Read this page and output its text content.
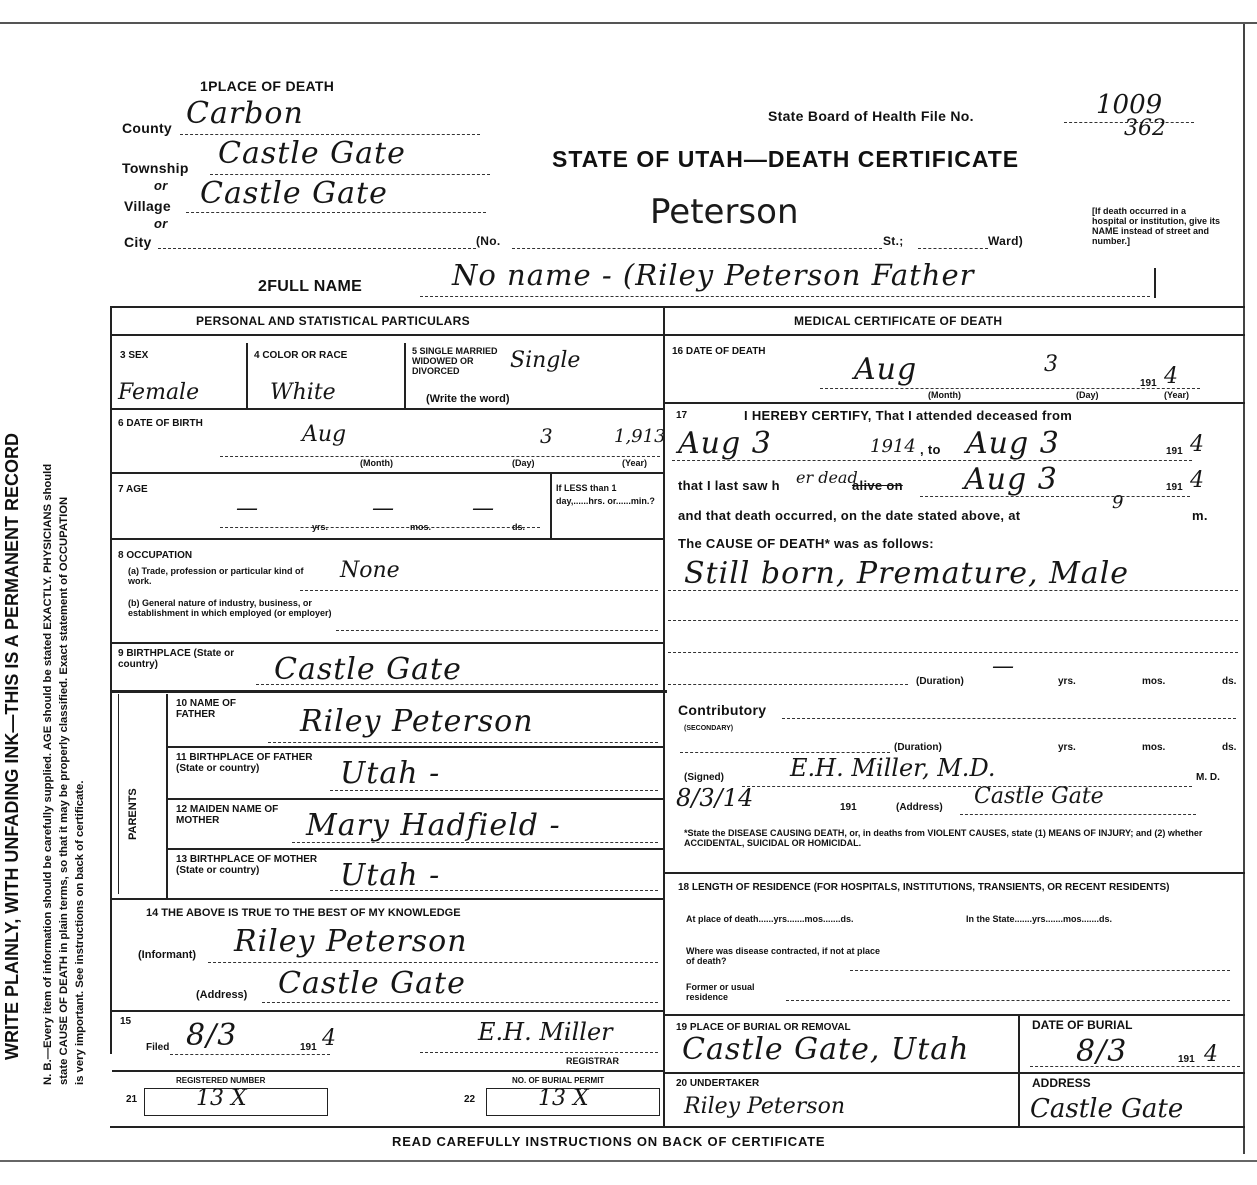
WRITE PLAINLY, WITH UNFADING INK—THIS IS A PERMANENT RECORD N. B.—Every item of information should be carefully supplied. AGE should be stated EXACTLY. PHYSICIANS should state CAUSE OF DEATH in plain terms, so that it may be properly classified. Exact statement of OCCUPATION is very important. See instructions on back of certificate.
1PLACE OF DEATH
County Carbon
Township Castle Gate
or
Village Castle Gate
or
City	(No.	St.;	Ward)
State Board of Health File No.	1009
362
STATE OF UTAH—DEATH CERTIFICATE
Peterson	[If death occurred in a hospital or institution, give its NAME instead of street and number.]
2FULL NAME	No name - (Riley Peterson Father
PERSONAL AND STATISTICAL PARTICULARS
3 SEX
Female
4 COLOR OR RACE
White
5 SINGLE MARRIED WIDOWED OR DIVORCED
(Write the word)
Single
6 DATE OF BIRTH	Aug	3	1,913
(Month)	(Day)	(Year)
7 AGE
—	—	—
yrs.	mos.	ds.
If LESS than 1 day,......hrs. or......min.?
8 OCCUPATION
(a) Trade, profession or particular kind of work.	None
(b) General nature of industry, business, or establishment in which employed (or employer)
9 BIRTHPLACE (State or country)	Castle Gate
PARENTS
10 NAME OF FATHER	Riley Peterson
11 BIRTHPLACE OF FATHER (State or country)	Utah -
12 MAIDEN NAME OF MOTHER	Mary Hadfield -
13 BIRTHPLACE OF MOTHER (State or country)	Utah -
14 THE ABOVE IS TRUE TO THE BEST OF MY KNOWLEDGE
(Informant) Riley Peterson
(Address) Castle Gate
15
Filed 8/3	191 4	E.H. Miller
REGISTRAR
REGISTERED NUMBER
21	13 X
NO. OF BURIAL PERMIT
22	13 X
MEDICAL CERTIFICATE OF DEATH
16 DATE OF DEATH
Aug	3
191 4
(Month)	(Day)	(Year)
17	I HEREBY CERTIFY, That I attended deceased from
Aug 3	1914 , to Aug 3	191 4
that I last saw h er dead
alive on Aug 3	191 4
and that death occurred, on the date stated above, at
9
m.
The CAUSE OF DEATH* was as follows:
Still born, Premature, Male
(Duration)
—
yrs.	mos.	ds.
Contributory
(SECONDARY)
(Duration)	yrs.	mos.	ds.
(Signed)	E.H. Miller, M.D.	M. D.
8/3/14	191	(Address) Castle Gate
*State the DISEASE CAUSING DEATH, or, in deaths from VIOLENT CAUSES, state (1) MEANS OF INJURY; and (2) whether ACCIDENTAL, SUICIDAL OR HOMICIDAL.
18 LENGTH OF RESIDENCE (FOR HOSPITALS, INSTITUTIONS, TRANSIENTS, OR RECENT RESIDENTS)
At place of death......yrs.......mos.......ds.	In the State.......yrs.......mos.......ds.
Where was disease contracted, if not at place of death?
Former or usual residence
19 PLACE OF BURIAL OR REMOVAL
Castle Gate, Utah
DATE OF BURIAL
8/3	191 4
20 UNDERTAKER
Riley Peterson
ADDRESS
Castle Gate
READ CAREFULLY INSTRUCTIONS ON BACK OF CERTIFICATE
